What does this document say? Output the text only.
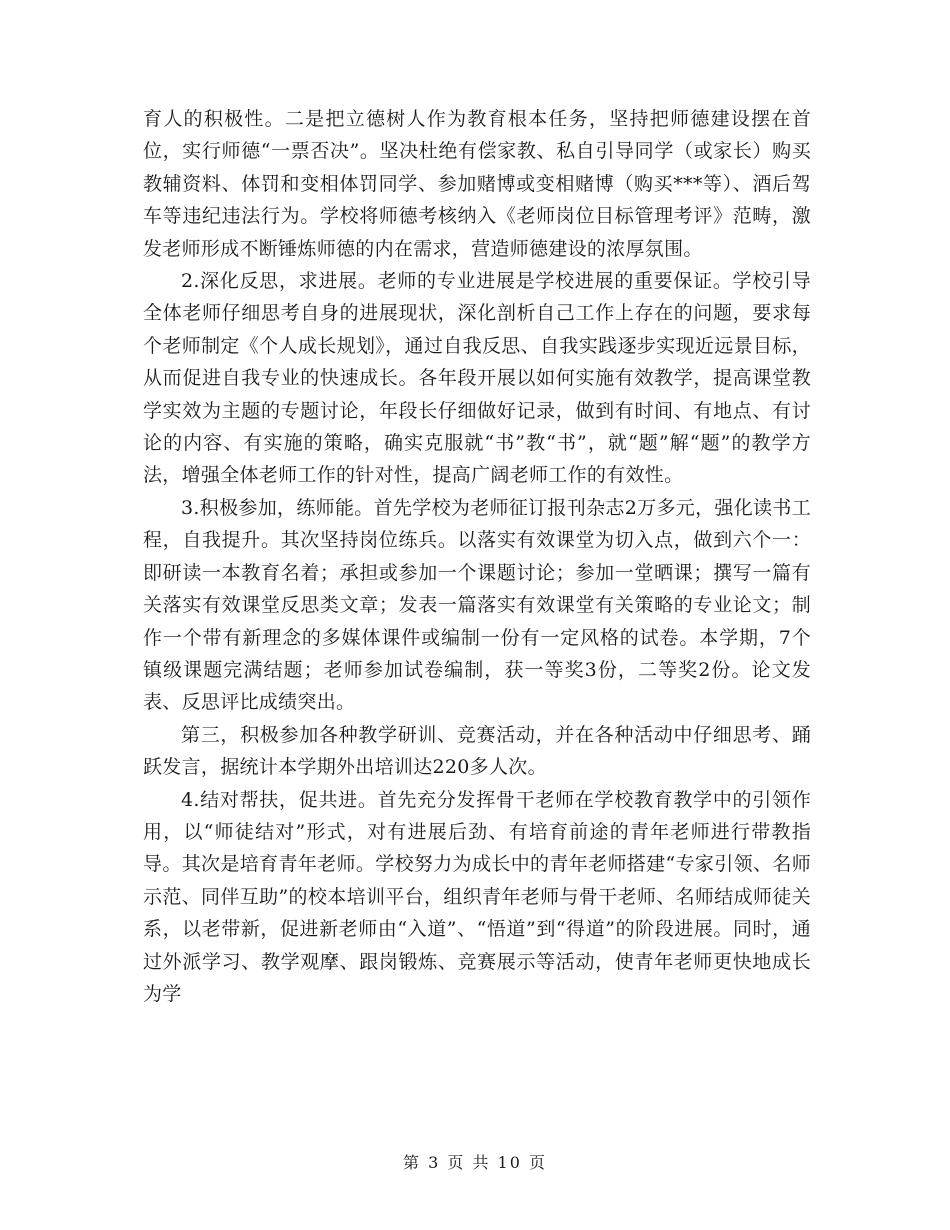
育人的积极性。二是把立德树人作为教育根本任务，坚持把师德建设摆在首位，实行师德“一票否决”。坚决杜绝有偿家教、私自引导同学（或家长）购买教辅资料、体罚和变相体罚同学、参加赌博或变相赌博（购买***等）、酒后驾车等违纪违法行为。学校将师德考核纳入《老师岗位目标管理考评》范畴，激发老师形成不断锤炼师德的内在需求，营造师德建设的浓厚氛围。

2.深化反思，求进展。老师的专业进展是学校进展的重要保证。学校引导全体老师仔细思考自身的进展现状，深化剖析自己工作上存在的问题，要求每个老师制定《个人成长规划》，通过自我反思、自我实践逐步实现近远景目标，从而促进自我专业的快速成长。各年段开展以如何实施有效教学，提高课堂教学实效为主题的专题讨论，年段长仔细做好记录，做到有时间、有地点、有讨论的内容、有实施的策略，确实克服就“书”教“书”，就“题”解“题”的教学方法，增强全体老师工作的针对性，提高广阔老师工作的有效性。

3.积极参加，练师能。首先学校为老师征订报刊杂志2万多元，强化读书工程，自我提升。其次坚持岗位练兵。以落实有效课堂为切入点，做到六个一：即研读一本教育名着；承担或参加一个课题讨论；参加一堂晒课；撰写一篇有关落实有效课堂反思类文章；发表一篇落实有效课堂有关策略的专业论文；制作一个带有新理念的多媒体课件或编制一份有一定风格的试卷。本学期，7个镇级课题完满结题；老师参加试卷编制，获一等奖3份，二等奖2份。论文发表、反思评比成绩突出。

第三，积极参加各种教学研训、竞赛活动，并在各种活动中仔细思考、踊跃发言，据统计本学期外出培训达220多人次。

4.结对帮扶，促共进。首先充分发挥骨干老师在学校教育教学中的引领作用，以“师徒结对”形式，对有进展后劲、有培育前途的青年老师进行带教指导。其次是培育青年老师。学校努力为成长中的青年老师搭建“专家引领、名师示范、同伴互助”的校本培训平台，组织青年老师与骨干老师、名师结成师徒关系，以老带新，促进新老师由“入道”、“悟道”到“得道”的阶段进展。同时，通过外派学习、教学观摩、跟岗锻炼、竞赛展示等活动，使青年老师更快地成长为学

第 3 页 共 10 页
